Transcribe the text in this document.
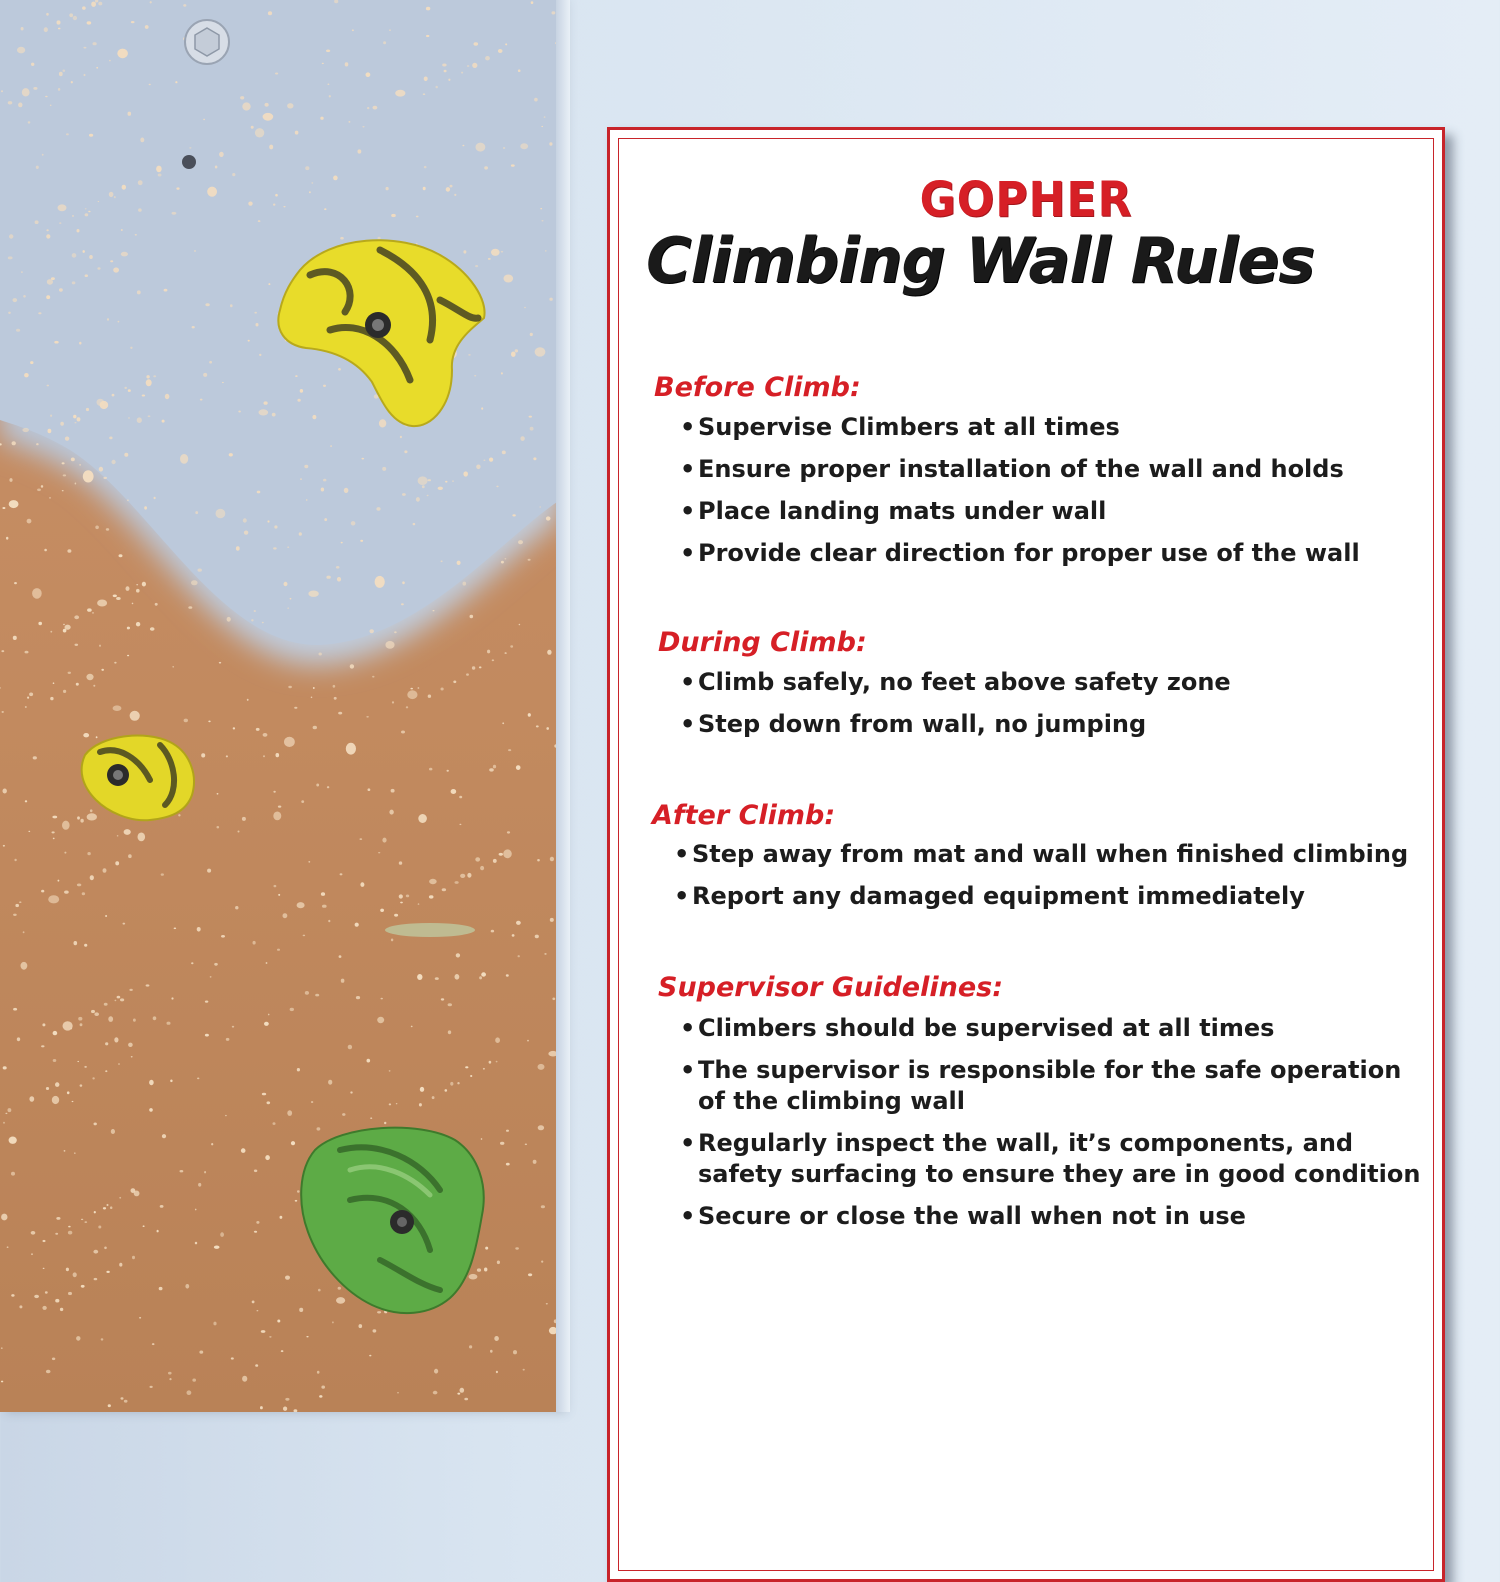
GOPHER
Climbing Wall Rules
Before Climb:
• Supervise Climbers at all times
• Ensure proper installation of the wall and holds
• Place landing mats under wall
• Provide clear direction for proper use of the wall
During Climb:
• Climb safely, no feet above safety zone
• Step down from wall, no jumping
After Climb:
• Step away from mat and wall when finished climbing
• Report any damaged equipment immediately
Supervisor Guidelines:
• Climbers should be supervised at all times
• The supervisor is responsible for the safe operation
of the climbing wall
• Regularly inspect the wall, it’s components, and
safety surfacing to ensure they are in good condition
• Secure or close the wall when not in use
